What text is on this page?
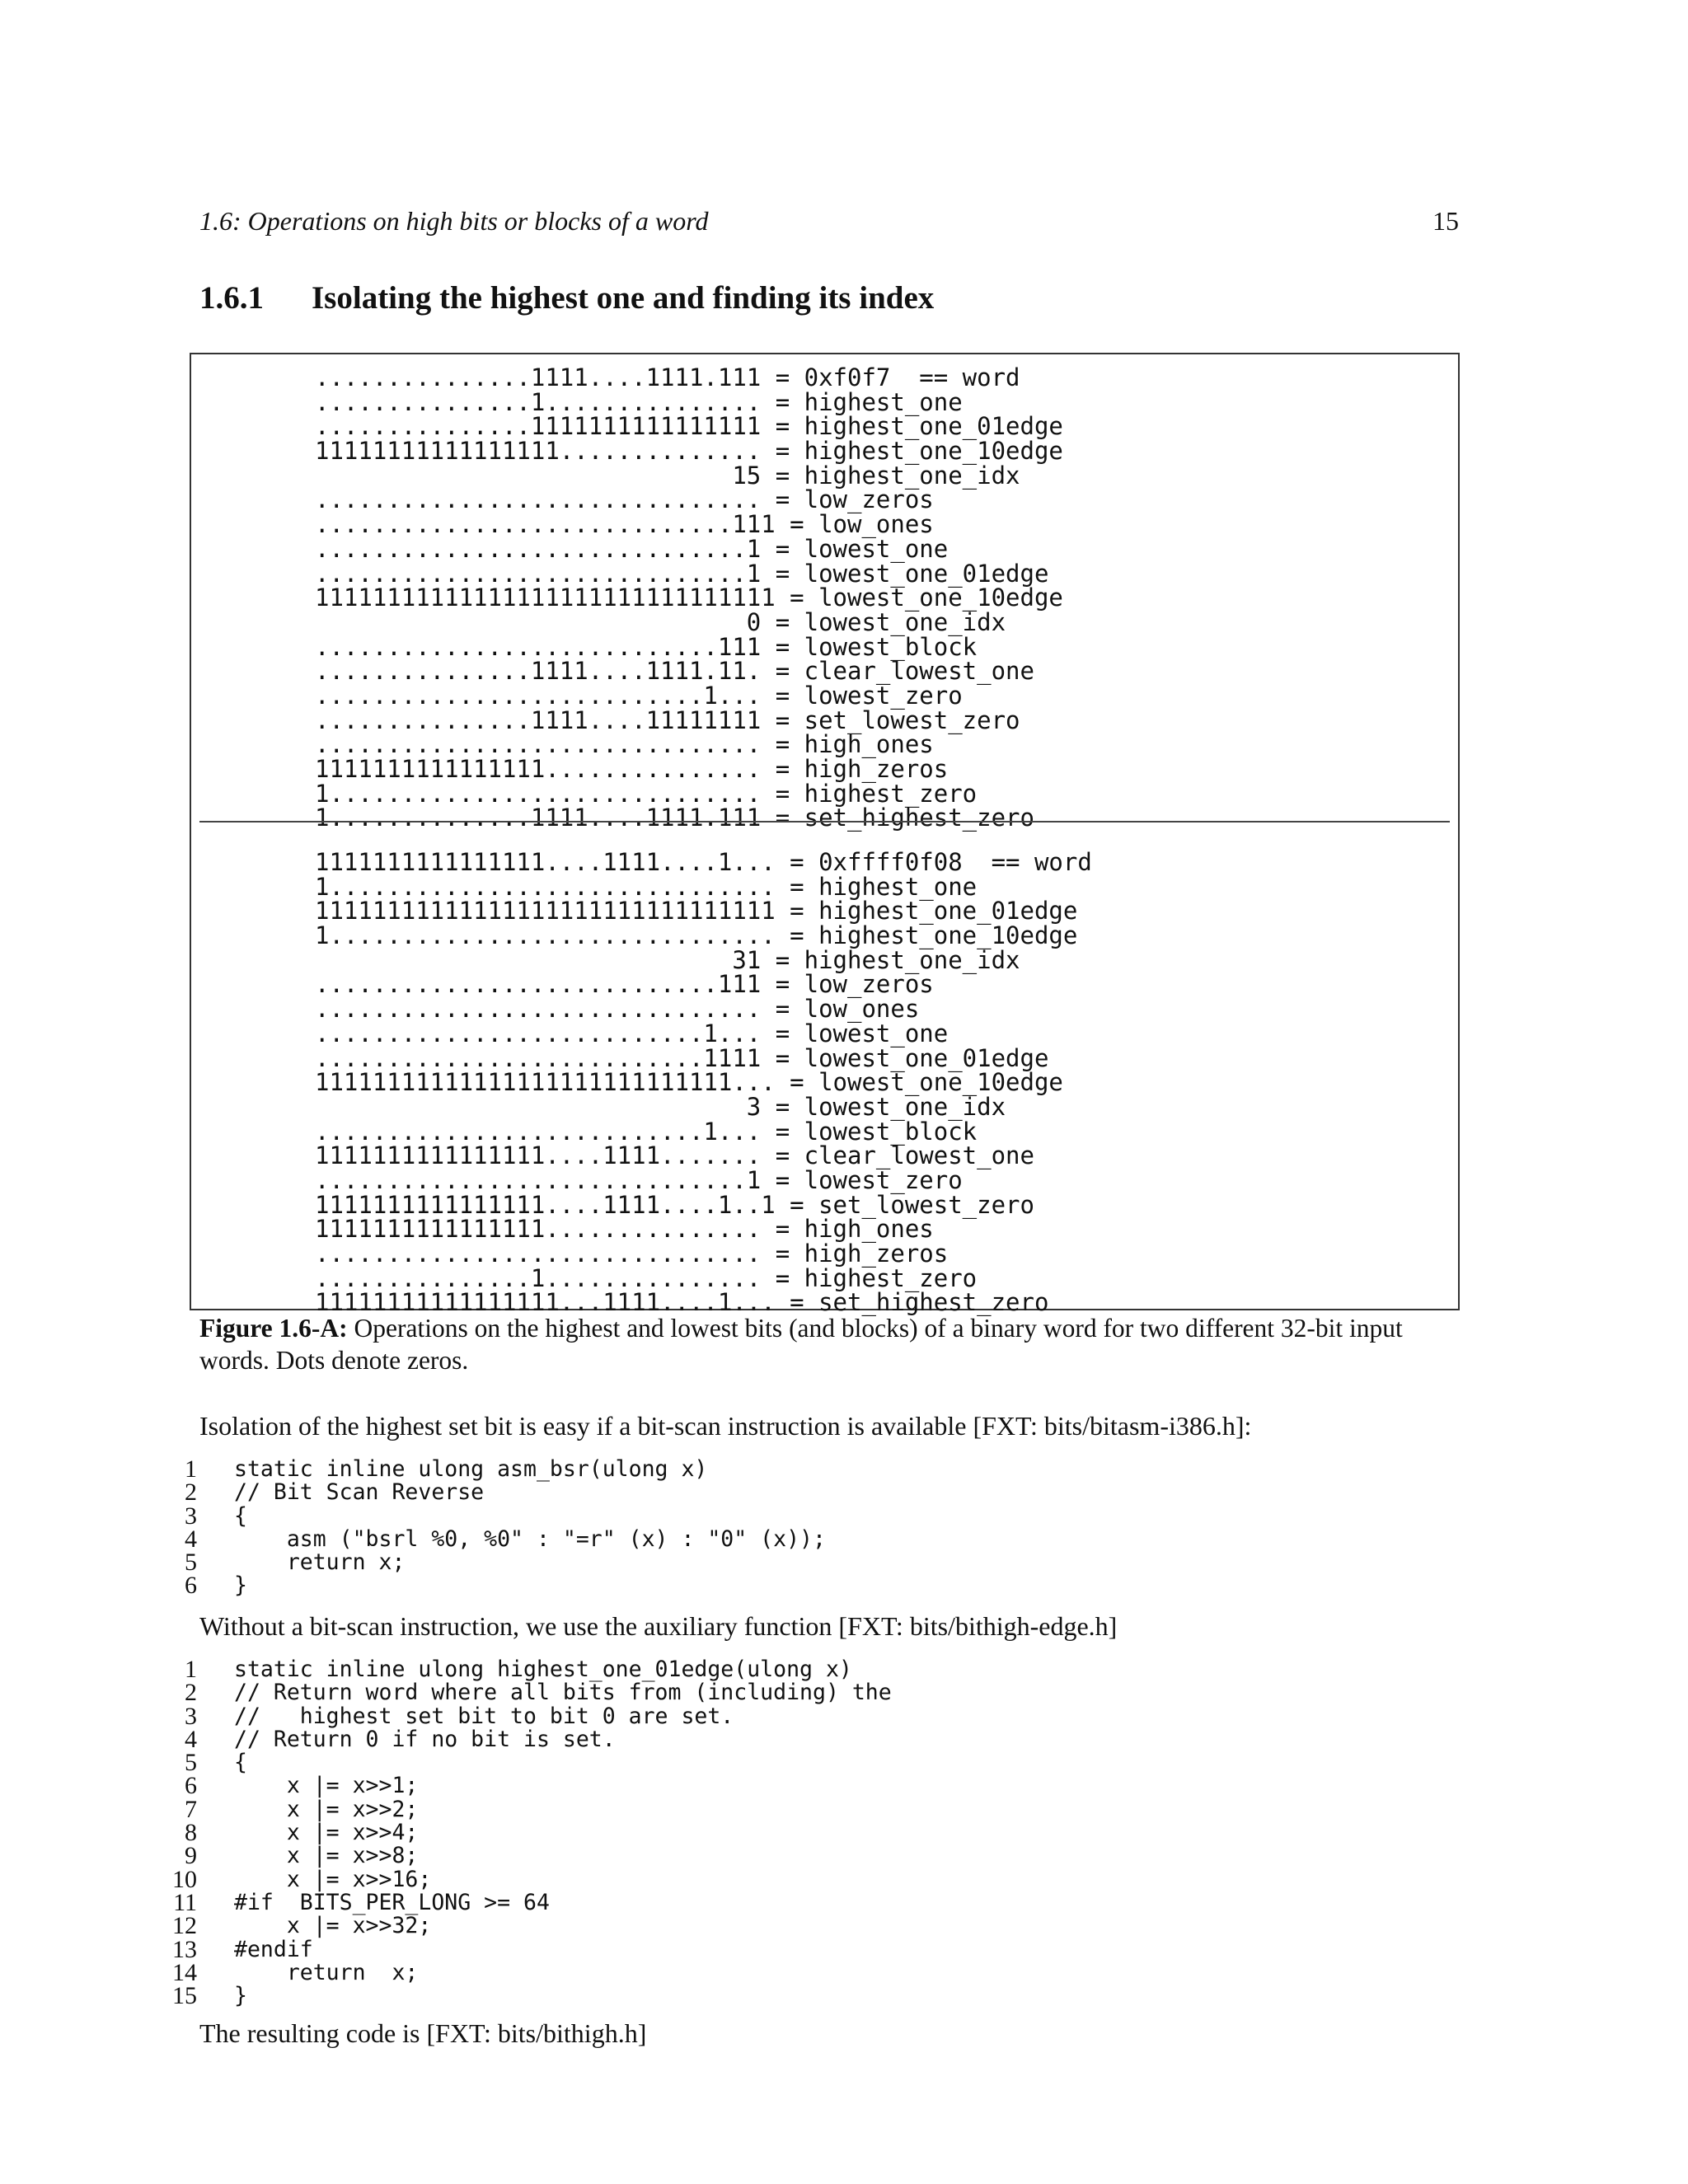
1.6: Operations on high bits or blocks of a word	15
1.6.1 Isolating the highest one and finding its index
...............1111....1111.111 = 0xf0f7  == word
...............1............... = highest_one
...............1111111111111111 = highest_one_01edge
11111111111111111.............. = highest_one_10edge
15 = highest_one_idx
............................... = low_zeros
.............................111 = low_ones
..............................1 = lowest_one
..............................1 = lowest_one_01edge
11111111111111111111111111111111 = lowest_one_10edge
0 = lowest_one_idx
............................111 = lowest_block
...............1111....1111.11. = clear_lowest_one
...........................1... = lowest_zero
...............1111....11111111 = set_lowest_zero
............................... = high_ones
1111111111111111............... = high_zeros
1.............................. = highest_zero
1..............1111....1111.111 = set_highest_zero
1111111111111111....1111....1... = 0xffff0f08  == word
1............................... = highest_one
11111111111111111111111111111111 = highest_one_01edge
1............................... = highest_one_10edge
31 = highest_one_idx
............................111 = low_zeros
............................... = low_ones
...........................1... = lowest_one
...........................1111 = lowest_one_01edge
11111111111111111111111111111... = lowest_one_10edge
3 = lowest_one_idx
...........................1... = lowest_block
1111111111111111....1111....... = clear_lowest_one
..............................1 = lowest_zero
1111111111111111....1111....1..1 = set_lowest_zero
1111111111111111............... = high_ones
............................... = high_zeros
...............1............... = highest_zero
11111111111111111...1111....1... = set_highest_zero
Figure 1.6-A: Operations on the highest and lowest bits (and blocks) of a binary word for two different 32-bit input words. Dots denote zeros.
Isolation of the highest set bit is easy if a bit-scan instruction is available [FXT: bits/bitasm-i386.h]:
1 static inline ulong asm_bsr(ulong x)
2 // Bit Scan Reverse
3 {
4    asm ("bsrl %0, %0" : "=r" (x) : "0" (x));
5    return x;
6 }
Without a bit-scan instruction, we use the auxiliary function [FXT: bits/bithigh-edge.h]
1 static inline ulong highest_one_01edge(ulong x)
2 // Return word where all bits from (including) the
3 //   highest set bit to bit 0 are set.
4 // Return 0 if no bit is set.
5 {
6    x |= x>>1;
7    x |= x>>2;
8    x |= x>>4;
9    x |= x>>8;
10    x |= x>>16;
11 #if  BITS_PER_LONG >= 64
12    x |= x>>32;
13 #endif
14    return  x;
15 }
The resulting code is [FXT: bits/bithigh.h]
